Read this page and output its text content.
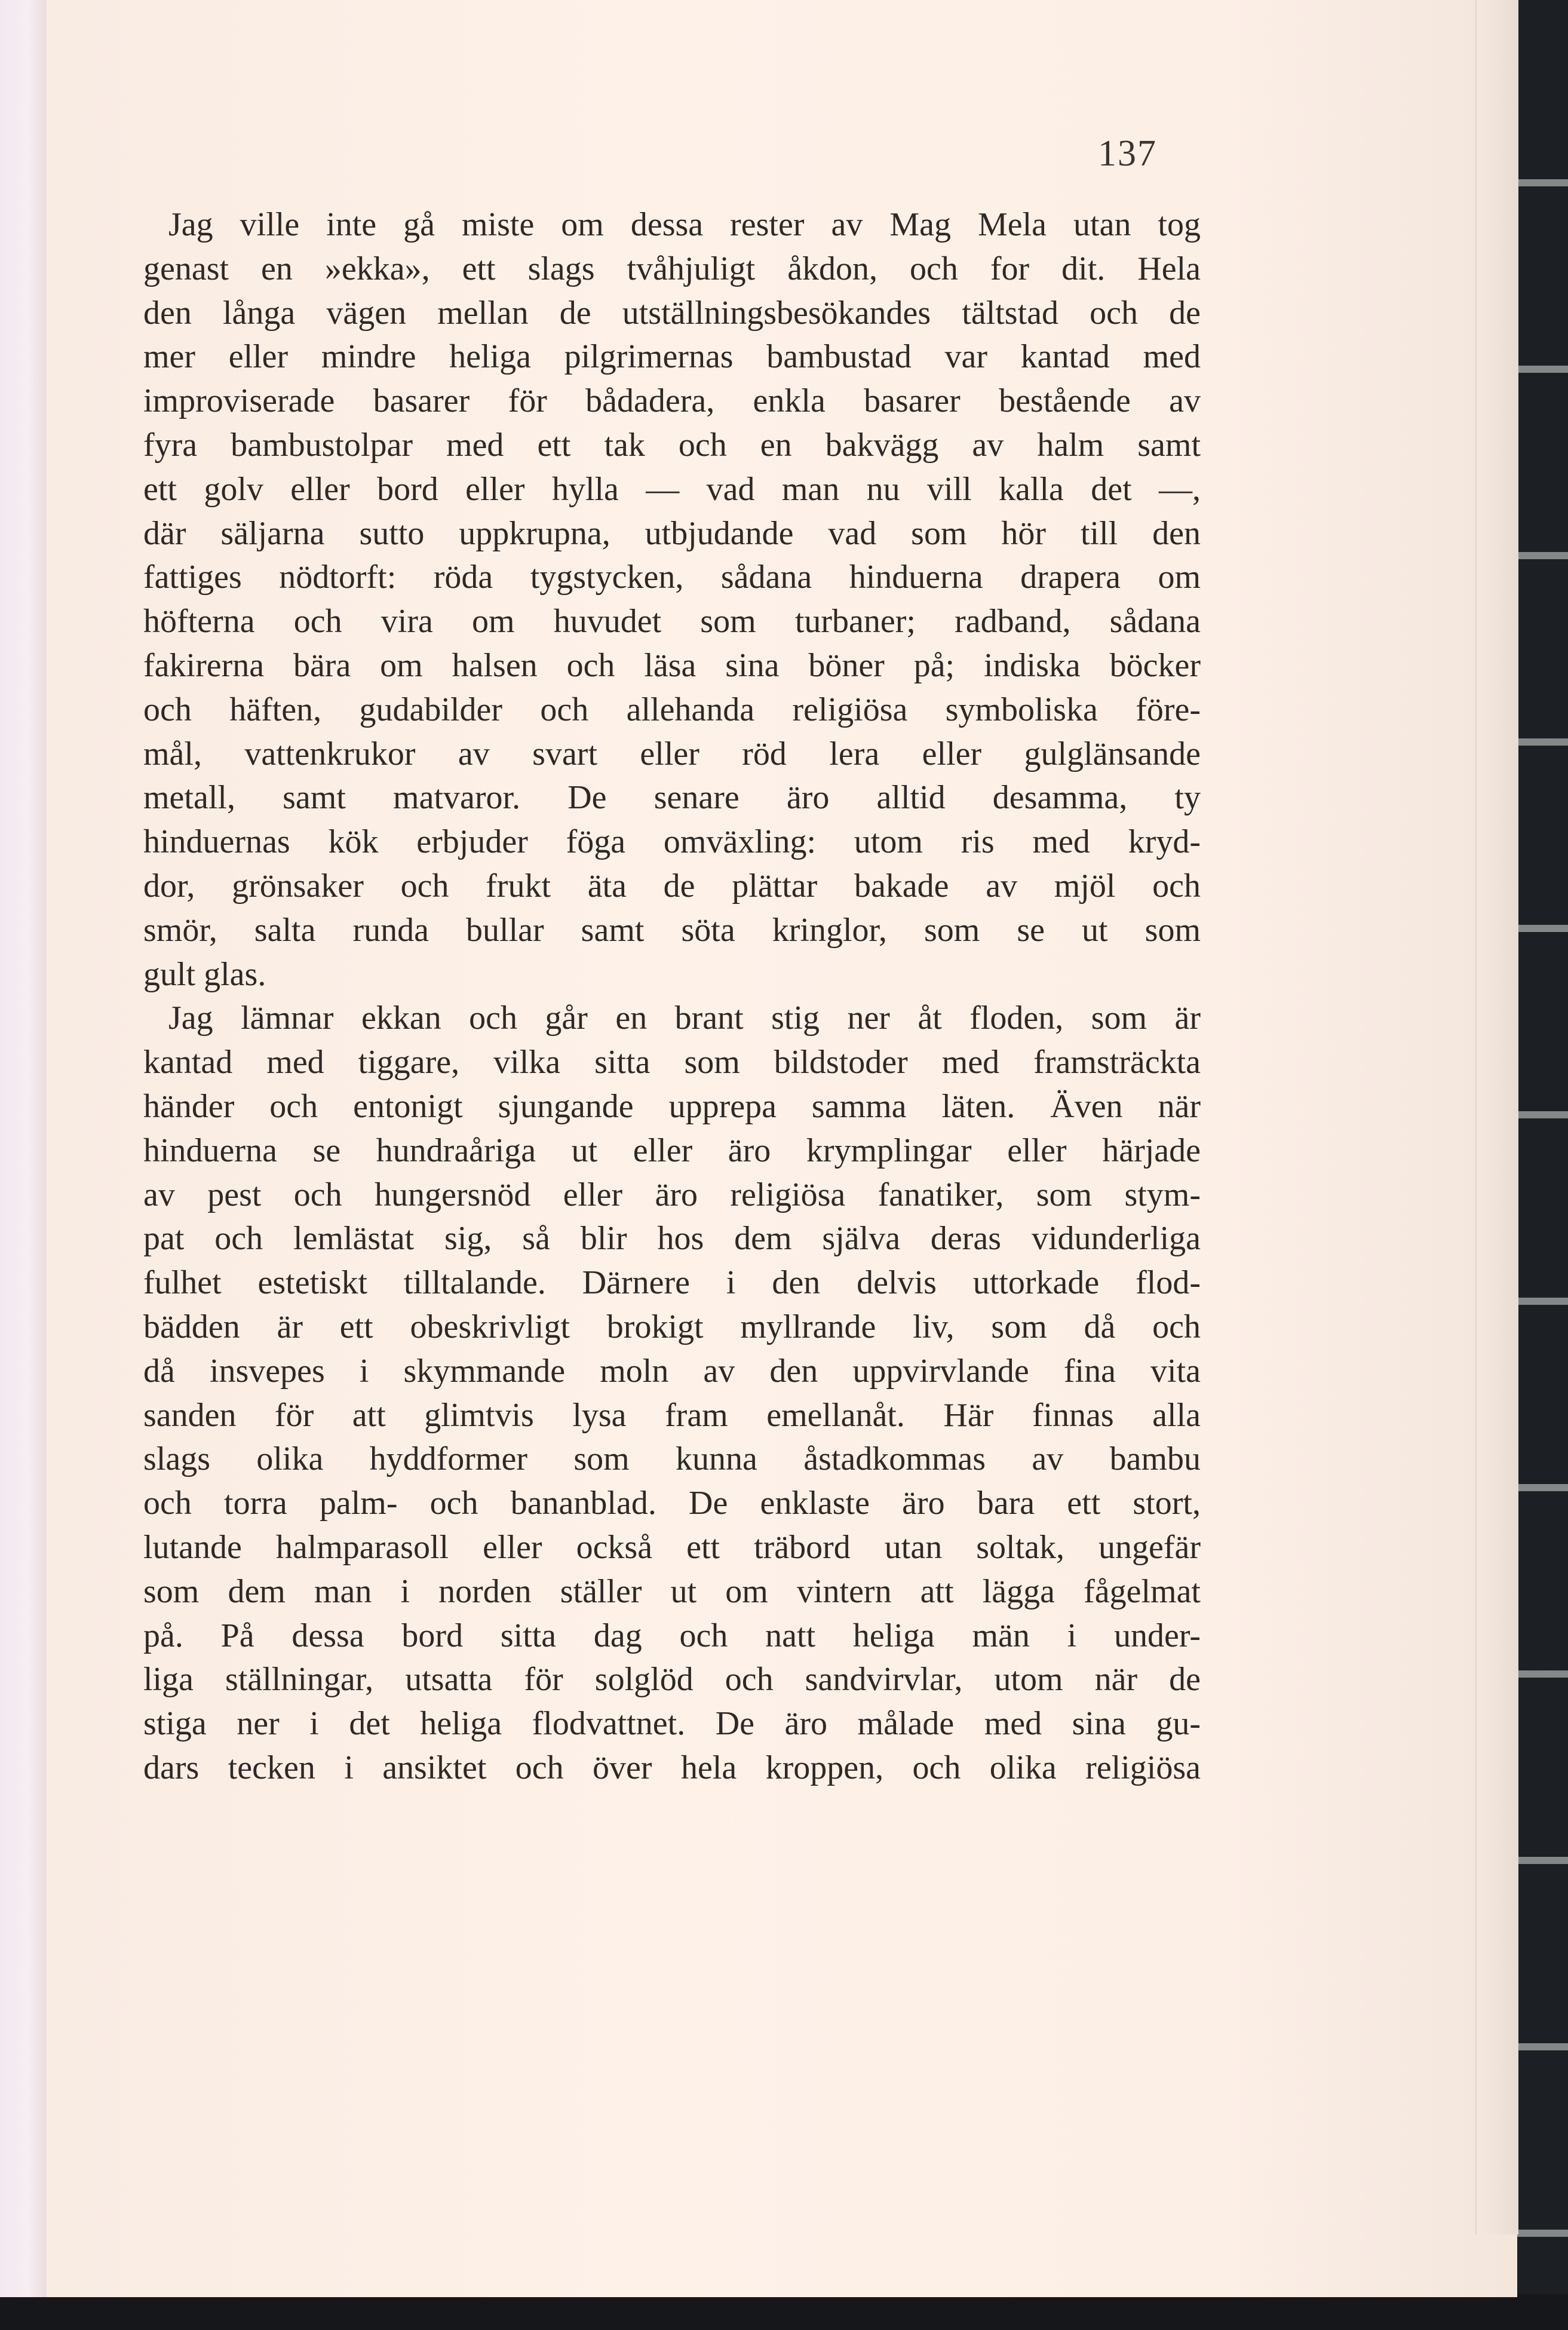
137

Jag ville inte gå miste om dessa rester av Mag Mela utan tog
genast en »ekka», ett slags tvåhjuligt åkdon, och for dit. Hela
den långa vägen mellan de utställningsbesökandes tältstad och de
mer eller mindre heliga pilgrimernas bambustad var kantad med
improviserade basarer för bådadera, enkla basarer bestående av
fyra bambustolpar med ett tak och en bakvägg av halm samt
ett golv eller bord eller hylla — vad man nu vill kalla det —,
där säljarna sutto uppkrupna, utbjudande vad som hör till den
fattiges nödtorft: röda tygstycken, sådana hinduerna drapera om
höfterna och vira om huvudet som turbaner; radband, sådana
fakirerna bära om halsen och läsa sina böner på; indiska böcker
och häften, gudabilder och allehanda religiösa symboliska före-
mål, vattenkrukor av svart eller röd lera eller gulglänsande
metall, samt matvaror. De senare äro alltid desamma, ty
hinduernas kök erbjuder föga omväxling: utom ris med kryd-
dor, grönsaker och frukt äta de plättar bakade av mjöl och
smör, salta runda bullar samt söta kringlor, som se ut som
gult glas.

Jag lämnar ekkan och går en brant stig ner åt floden, som är
kantad med tiggare, vilka sitta som bildstoder med framsträckta
händer och entonigt sjungande upprepa samma läten. Även när
hinduerna se hundraåriga ut eller äro krymplingar eller härjade
av pest och hungersnöd eller äro religiösa fanatiker, som stym-
pat och lemlästat sig, så blir hos dem själva deras vidunderliga
fulhet estetiskt tilltalande. Därnere i den delvis uttorkade flod-
bädden är ett obeskrivligt brokigt myllrande liv, som då och
då insvepes i skymmande moln av den uppvirvlande fina vita
sanden för att glimtvis lysa fram emellanåt. Här finnas alla
slags olika hyddformer som kunna åstadkommas av bambu
och torra palm- och bananblad. De enklaste äro bara ett stort,
lutande halmparasoll eller också ett träbord utan soltak, ungefär
som dem man i norden ställer ut om vintern att lägga fågelmat
på. På dessa bord sitta dag och natt heliga män i under-
liga ställningar, utsatta för solglöd och sandvirvlar, utom när de
stiga ner i det heliga flodvattnet. De äro målade med sina gu-
dars tecken i ansiktet och över hela kroppen, och olika religiösa
